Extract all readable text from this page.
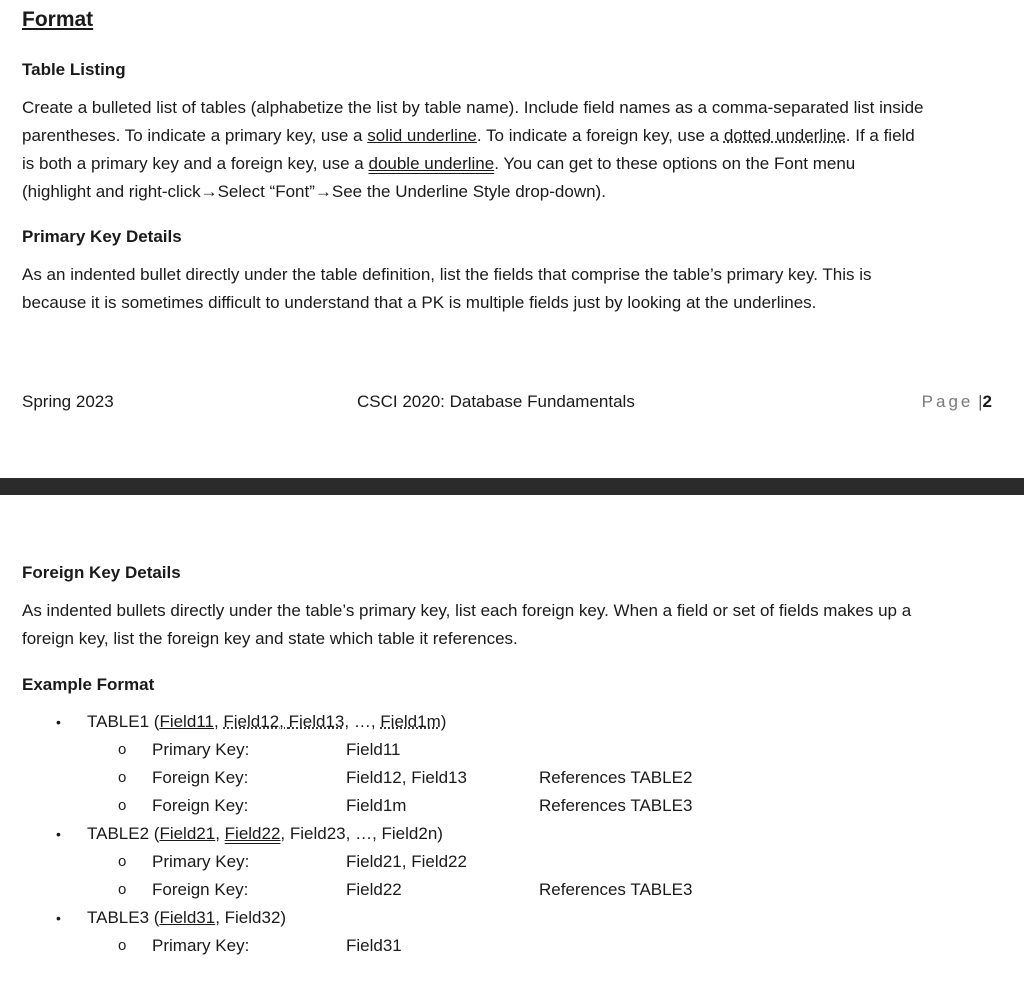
Format
Table Listing
Create a bulleted list of tables (alphabetize the list by table name). Include field names as a comma-separated list inside
parentheses. To indicate a primary key, use a solid underline. To indicate a foreign key, use a dotted underline. If a field
is both a primary key and a foreign key, use a double underline. You can get to these options on the Font menu
(highlight and right-click→Select “Font”→See the Underline Style drop-down).
Primary Key Details
As an indented bullet directly under the table definition, list the fields that comprise the table’s primary key. This is
because it is sometimes difficult to understand that a PK is multiple fields just by looking at the underlines.
Spring 2023	CSCI 2020: Database Fundamentals	Page |2
Foreign Key Details
As indented bullets directly under the table’s primary key, list each foreign key. When a field or set of fields makes up a
foreign key, list the foreign key and state which table it references.
Example Format
• TABLE1 (Field11, Field12, Field13, …, Field1m)
o Primary Key:	Field11
o Foreign Key:	Field12, Field13	References TABLE2
o Foreign Key:	Field1m	References TABLE3
• TABLE2 (Field21, Field22, Field23, …, Field2n)
o Primary Key:	Field21, Field22
o Foreign Key:	Field22	References TABLE3
• TABLE3 (Field31, Field32)
o Primary Key:	Field31
